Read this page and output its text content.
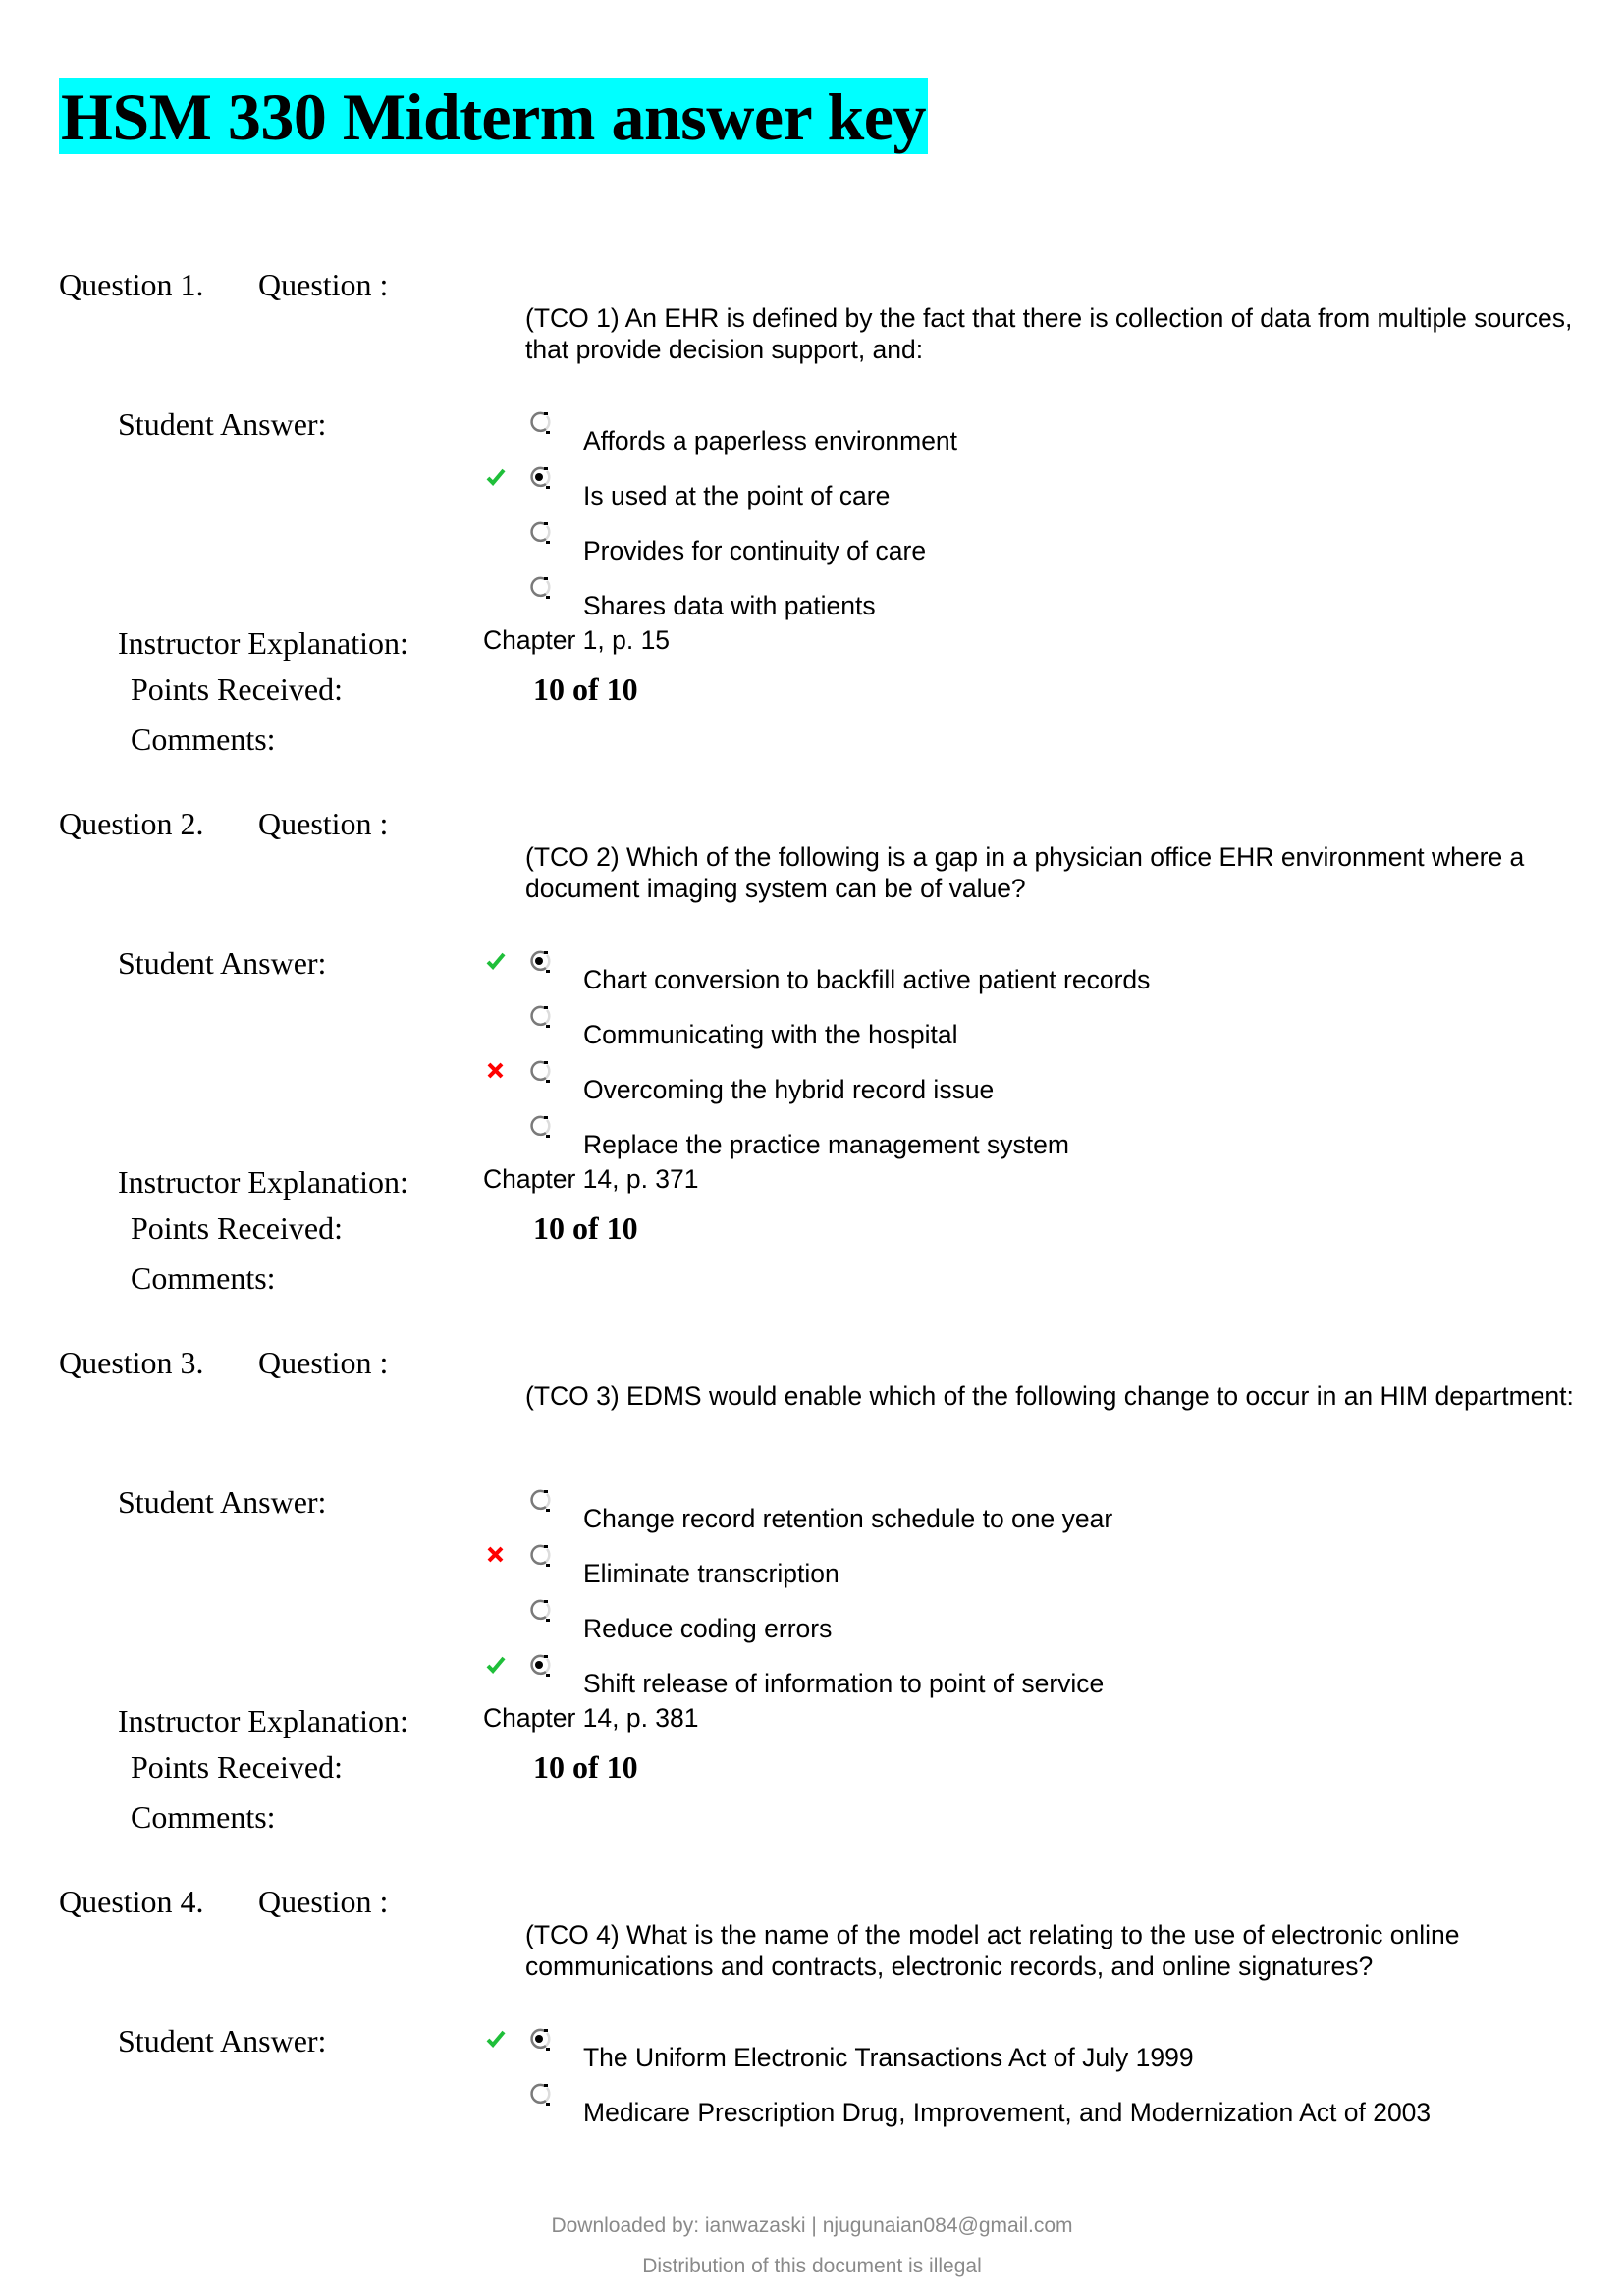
HSM 330 Midterm answer key
Question 1. Question :
(TCO 1) An EHR is defined by the fact that there is collection of data from multiple sources, that provide decision support, and:
Student Answer:	Affords a paperless environment
Is used at the point of care
Provides for continuity of care
Shares data with patients
Instructor Explanation:	Chapter 1, p. 15
Points Received:	10 of 10
Comments:
Question 2. Question :
(TCO 2) Which of the following is a gap in a physician office EHR environment where a document imaging system can be of value?
Student Answer:	Chart conversion to backfill active patient records
Communicating with the hospital
Overcoming the hybrid record issue
Replace the practice management system
Instructor Explanation:	Chapter 14, p. 371
Points Received:	10 of 10
Comments:
Question 3. Question :
(TCO 3) EDMS would enable which of the following change to occur in an HIM department:
Student Answer:	Change record retention schedule to one year
Eliminate transcription
Reduce coding errors
Shift release of information to point of service
Instructor Explanation:	Chapter 14, p. 381
Points Received:	10 of 10
Comments:
Question 4. Question :
(TCO 4) What is the name of the model act relating to the use of electronic online communications and contracts, electronic records, and online signatures?
Student Answer:	The Uniform Electronic Transactions Act of July 1999
Medicare Prescription Drug, Improvement, and Modernization Act of 2003
Downloaded by: ianwazaski | njugunaian084@gmail.com
Distribution of this document is illegal
